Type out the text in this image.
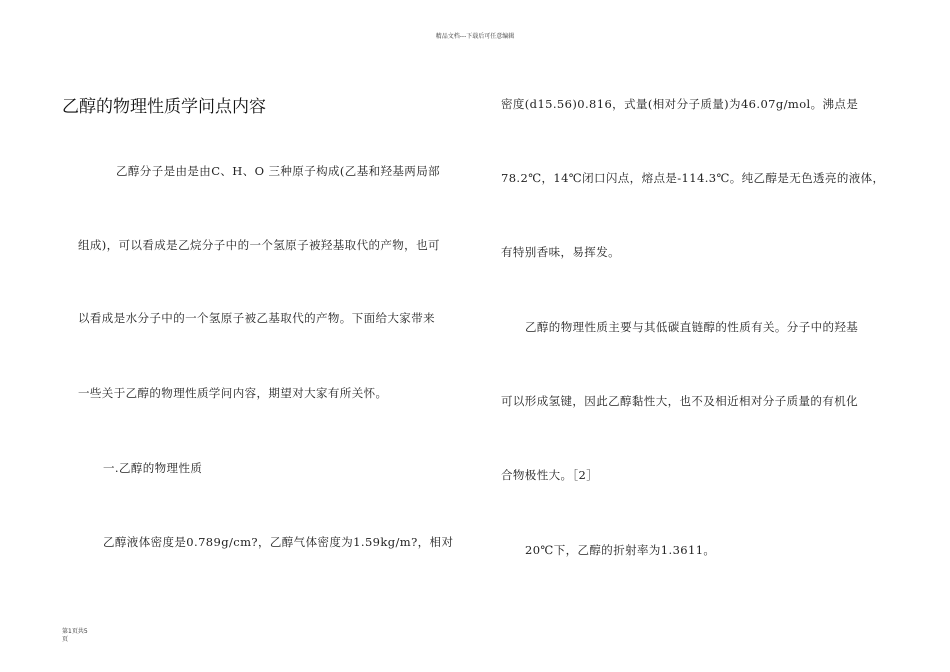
精品文档---下载后可任意编辑
乙醇的物理性质学问点内容
乙醇分子是由是由C、H、O 三种原子构成(乙基和羟基两局部
组成)，可以看成是乙烷分子中的一个氢原子被羟基取代的产物，也可
以看成是水分子中的一个氢原子被乙基取代的产物。下面给大家带来
一些关于乙醇的物理性质学问内容，期望对大家有所关怀。
一.乙醇的物理性质
乙醇液体密度是0.789g/cm?，乙醇气体密度为1.59kg/m?，相对
密度(d15.56)0.816，式量(相对分子质量)为46.07g/mol。沸点是
78.2℃，14℃闭口闪点，熔点是-114.3℃。纯乙醇是无色透亮的液体，
有特别香味，易挥发。
乙醇的物理性质主要与其低碳直链醇的性质有关。分子中的羟基
可以形成氢键，因此乙醇黏性大，也不及相近相对分子质量的有机化
合物极性大。［2］
20℃下，乙醇的折射率为1.3611。
第1页共5
页
